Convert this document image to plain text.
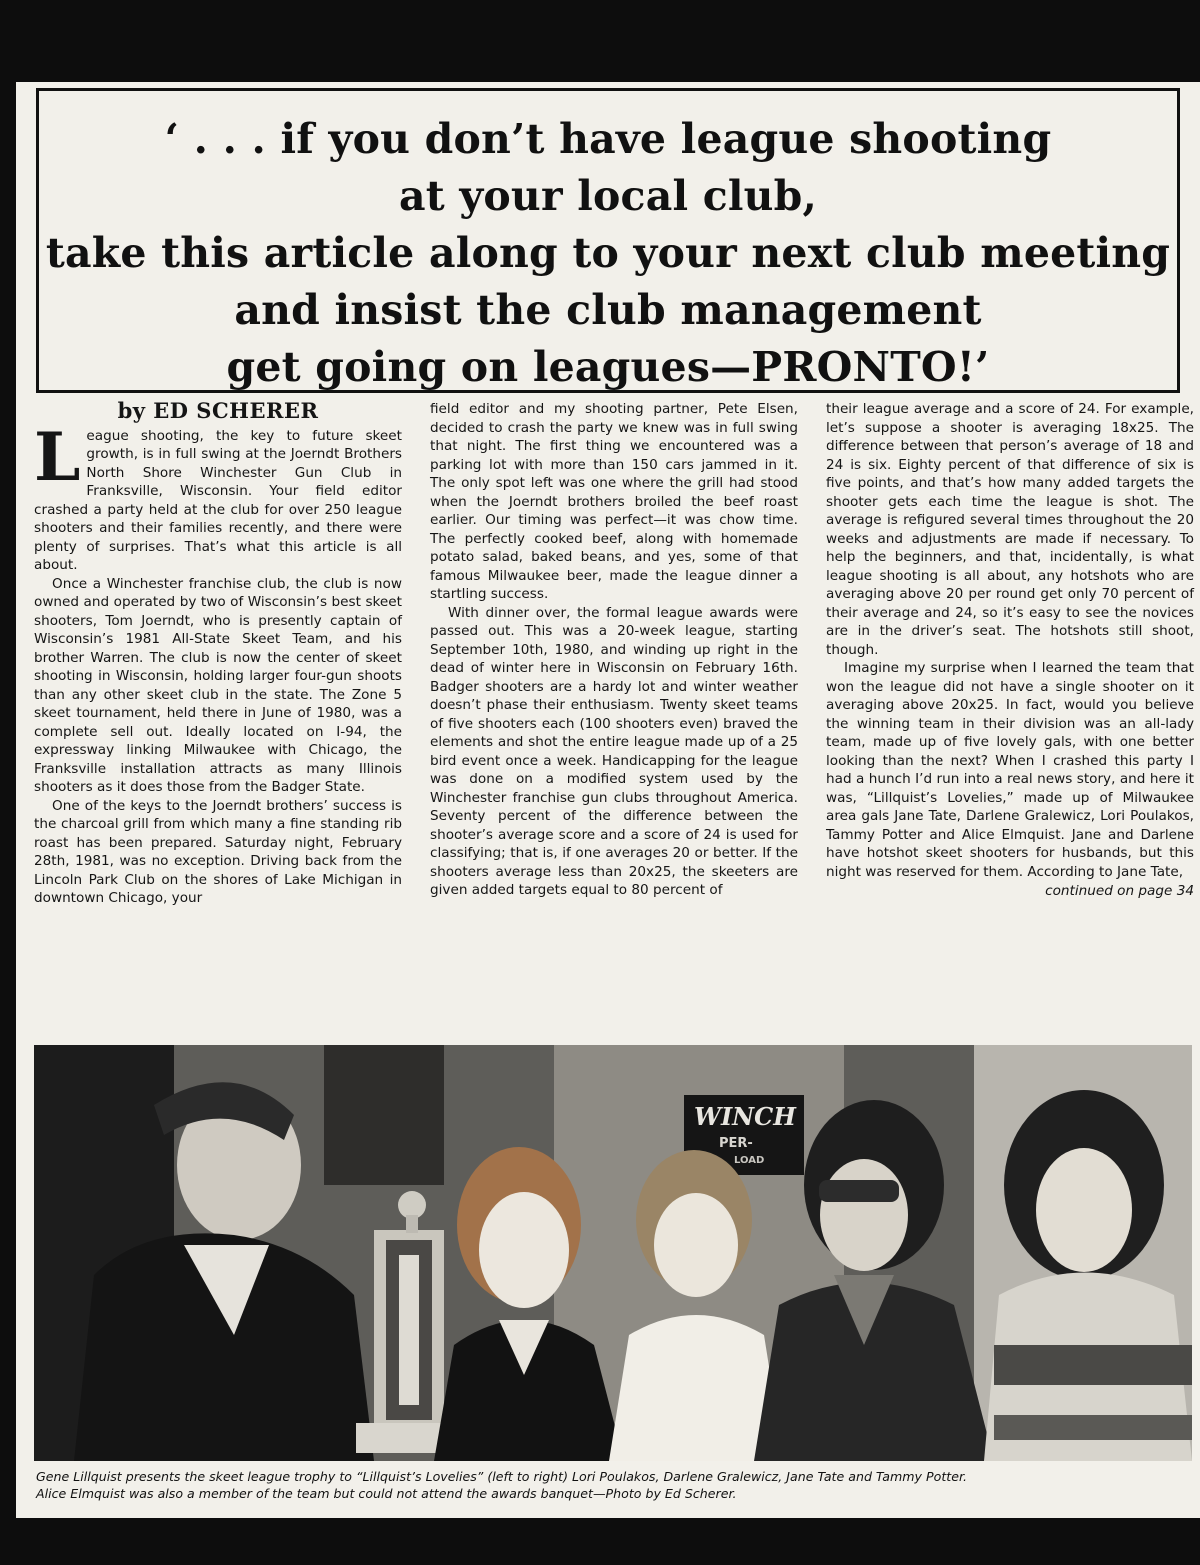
‘ . . . if you don’t have league shooting
at your local club,
take this article along to your next club meeting
and insist the club management
get going on leagues—PRONTO!’
by ED SCHERER

League shooting, the key to future skeet growth, is in full swing at the Joerndt Brothers North Shore Winchester Gun Club in Franksville, Wisconsin. Your field editor crashed a party held at the club for over 250 league shooters and their families recently, and there were plenty of surprises. That’s what this article is all about.

Once a Winchester franchise club, the club is now owned and operated by two of Wisconsin’s best skeet shooters, Tom Joerndt, who is presently captain of Wisconsin’s 1981 All-State Skeet Team, and his brother Warren. The club is now the center of skeet shooting in Wisconsin, holding larger four-gun shoots than any other skeet club in the state. The Zone 5 skeet tournament, held there in June of 1980, was a complete sell out. Ideally located on I-94, the expressway linking Milwaukee with Chicago, the Franksville installation attracts as many Illinois shooters as it does those from the Badger State.

One of the keys to the Joerndt brothers’ success is the charcoal grill from which many a fine standing rib roast has been prepared. Saturday night, February 28th, 1981, was no exception. Driving back from the Lincoln Park Club on the shores of Lake Michigan in downtown Chicago, your

field editor and my shooting partner, Pete Elsen, decided to crash the party we knew was in full swing that night. The first thing we encountered was a parking lot with more than 150 cars jammed in it. The only spot left was one where the grill had stood when the Joerndt brothers broiled the beef roast earlier. Our timing was perfect—it was chow time. The perfectly cooked beef, along with homemade potato salad, baked beans, and yes, some of that famous Milwaukee beer, made the league dinner a startling success.

With dinner over, the formal league awards were passed out. This was a 20-week league, starting September 10th, 1980, and winding up right in the dead of winter here in Wisconsin on February 16th. Badger shooters are a hardy lot and winter weather doesn’t phase their enthusiasm. Twenty skeet teams of five shooters each (100 shooters even) braved the elements and shot the entire league made up of a 25 bird event once a week. Handicapping for the league was done on a modified system used by the Winchester franchise gun clubs throughout America. Seventy percent of the difference between the shooter’s average score and a score of 24 is used for classifying; that is, if one averages 20 or better. If the shooters average less than 20x25, the skeeters are given added targets equal to 80 percent of

their league average and a score of 24. For example, let’s suppose a shooter is averaging 18x25. The difference between that person’s average of 18 and 24 is six. Eighty percent of that difference of six is five points, and that’s how many added targets the shooter gets each time the league is shot. The average is refigured several times throughout the 20 weeks and adjustments are made if necessary. To help the beginners, and that, incidentally, is what league shooting is all about, any hotshots who are averaging above 20 per round get only 70 percent of their average and 24, so it’s easy to see the novices are in the driver’s seat. The hotshots still shoot, though.

Imagine my surprise when I learned the team that won the league did not have a single shooter on it averaging above 20x25. In fact, would you believe the winning team in their division was an all-lady team, made up of five lovely gals, with one better looking than the next? When I crashed this party I had a hunch I’d run into a real news story, and here it was, “Lillquist’s Lovelies,” made up of Milwaukee area gals Jane Tate, Darlene Gralewicz, Lori Poulakos, Tammy Potter and Alice Elmquist. Jane and Darlene have hotshot skeet shooters for husbands, but this night was reserved for them. According to Jane Tate,

continued on page 34
WINCH
PER-
LOAD
Gene Lillquist presents the skeet league trophy to “Lillquist’s Lovelies” (left to right) Lori Poulakos, Darlene Gralewicz, Jane Tate and Tammy Potter.
Alice Elmquist was also a member of the team but could not attend the awards banquet—Photo by Ed Scherer.
